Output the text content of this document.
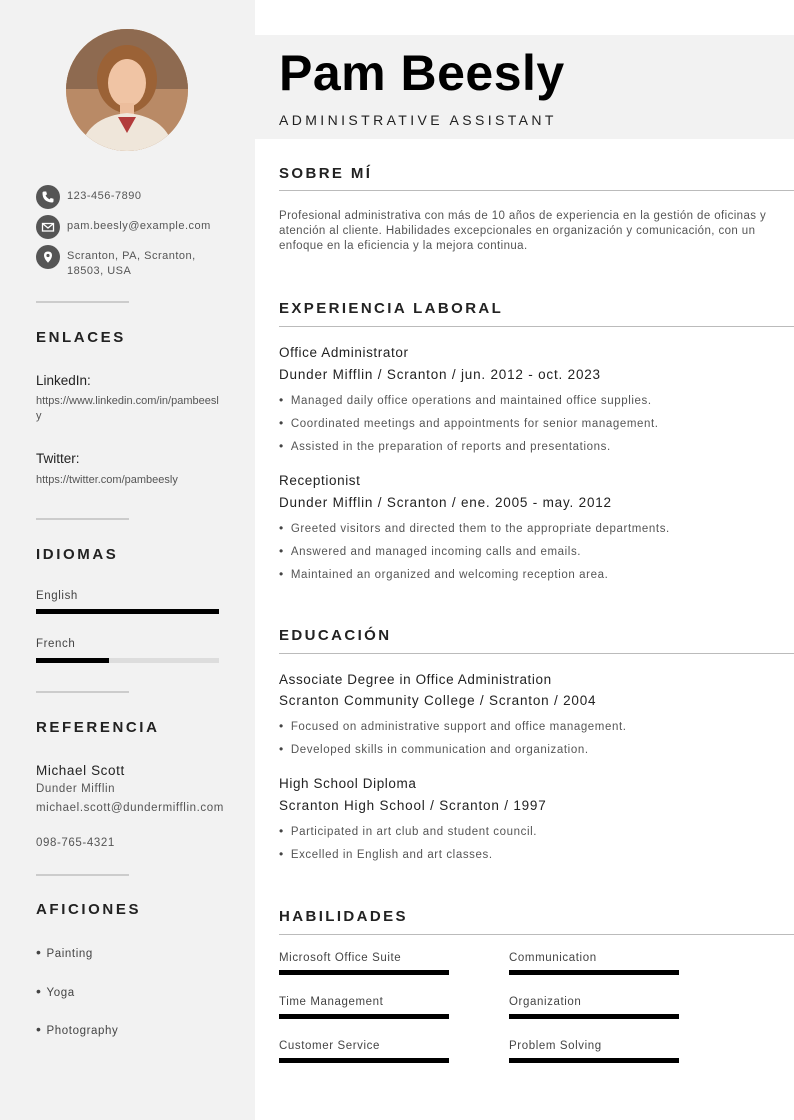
123-456-7890
pam.beesly@example.com
Scranton, PA, Scranton, 18503, USA
ENLACES
LinkedIn:
https://www.linkedin.com/in/pambeesly
Twitter:
https://twitter.com/pambeesly
IDIOMAS
English
French
REFERENCIA
Michael Scott
Dunder Mifflin
michael.scott@dundermifflin.com
098-765-4321
AFICIONES
• Painting
• Yoga
• Photography
Pam Beesly
ADMINISTRATIVE ASSISTANT
SOBRE MÍ
Profesional administrativa con más de 10 años de experiencia en la gestión de oficinas y atención al cliente. Habilidades excepcionales en organización y comunicación, con un enfoque en la eficiencia y la mejora continua.
EXPERIENCIA LABORAL
Office Administrator
Dunder Mifflin / Scranton / jun. 2012 - oct. 2023
• Managed daily office operations and maintained office supplies.
• Coordinated meetings and appointments for senior management.
• Assisted in the preparation of reports and presentations.
Receptionist
Dunder Mifflin / Scranton / ene. 2005 - may. 2012
• Greeted visitors and directed them to the appropriate departments.
• Answered and managed incoming calls and emails.
• Maintained an organized and welcoming reception area.
EDUCACIÓN
Associate Degree in Office Administration
Scranton Community College / Scranton / 2004
• Focused on administrative support and office management.
• Developed skills in communication and organization.
High School Diploma
Scranton High School / Scranton / 1997
• Participated in art club and student council.
• Excelled in English and art classes.
HABILIDADES
Microsoft Office Suite	Communication
Time Management	Organization
Customer Service	Problem Solving
